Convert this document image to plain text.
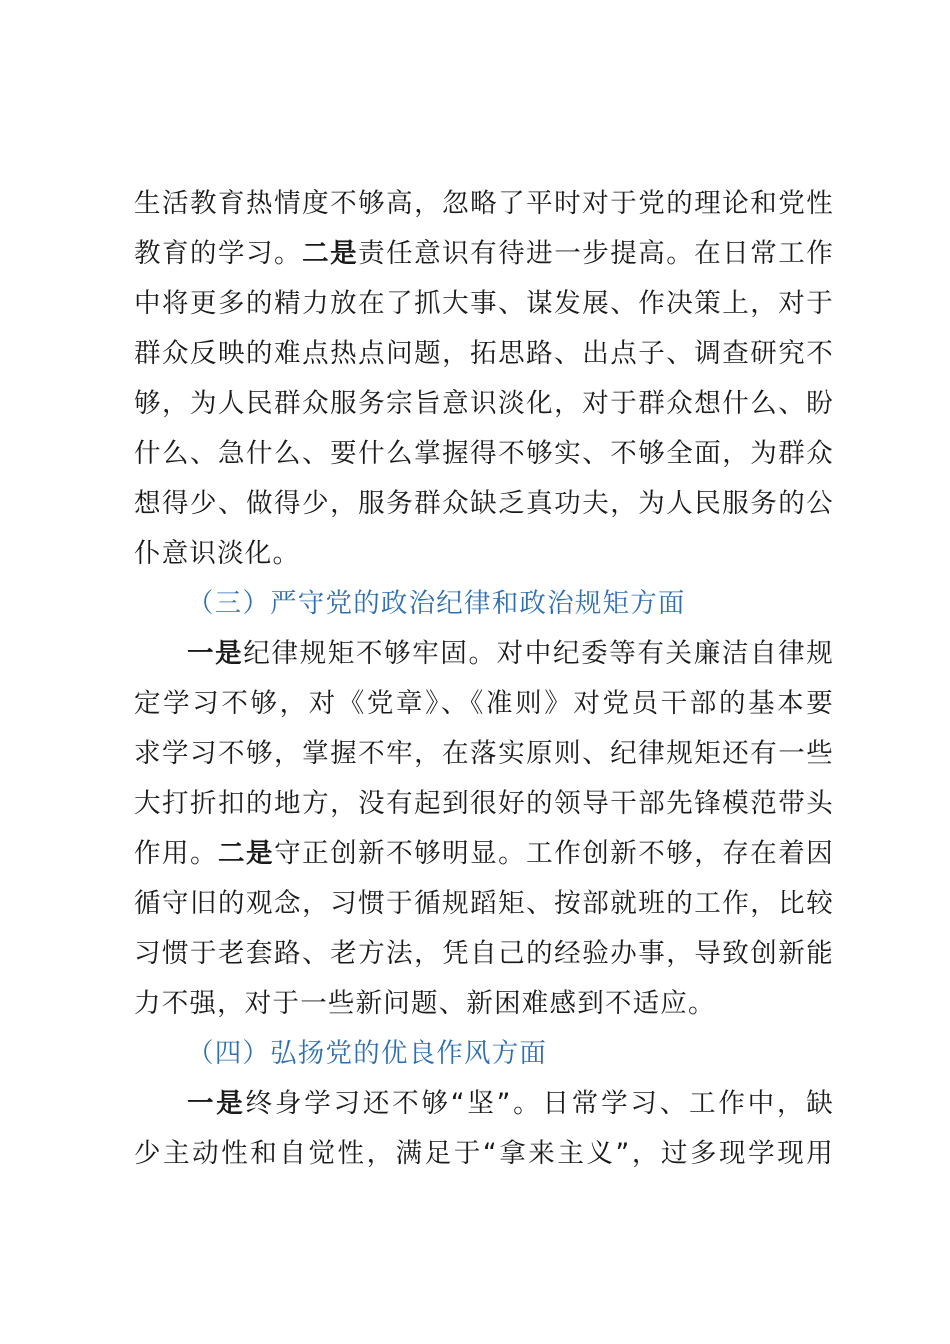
生活教育热情度不够高，忽略了平时对于党的理论和党性
教育的学习。二是责任意识有待进一步提高。在日常工作
中将更多的精力放在了抓大事、谋发展、作决策上，对于
群众反映的难点热点问题，拓思路、出点子、调查研究不
够，为人民群众服务宗旨意识淡化，对于群众想什么、盼
什么、急什么、要什么掌握得不够实、不够全面，为群众
想得少、做得少，服务群众缺乏真功夫，为人民服务的公
仆意识淡化。
（三）严守党的政治纪律和政治规矩方面
一是纪律规矩不够牢固。对中纪委等有关廉洁自律规
定学习不够，对《党章》、《准则》对党员干部的基本要
求学习不够，掌握不牢，在落实原则、纪律规矩还有一些
大打折扣的地方，没有起到很好的领导干部先锋模范带头
作用。二是守正创新不够明显。工作创新不够，存在着因
循守旧的观念，习惯于循规蹈矩、按部就班的工作，比较
习惯于老套路、老方法，凭自己的经验办事，导致创新能
力不强，对于一些新问题、新困难感到不适应。
（四）弘扬党的优良作风方面
一是终身学习还不够“坚”。日常学习、工作中，缺
少主动性和自觉性，满足于“拿来主义”，过多现学现用
